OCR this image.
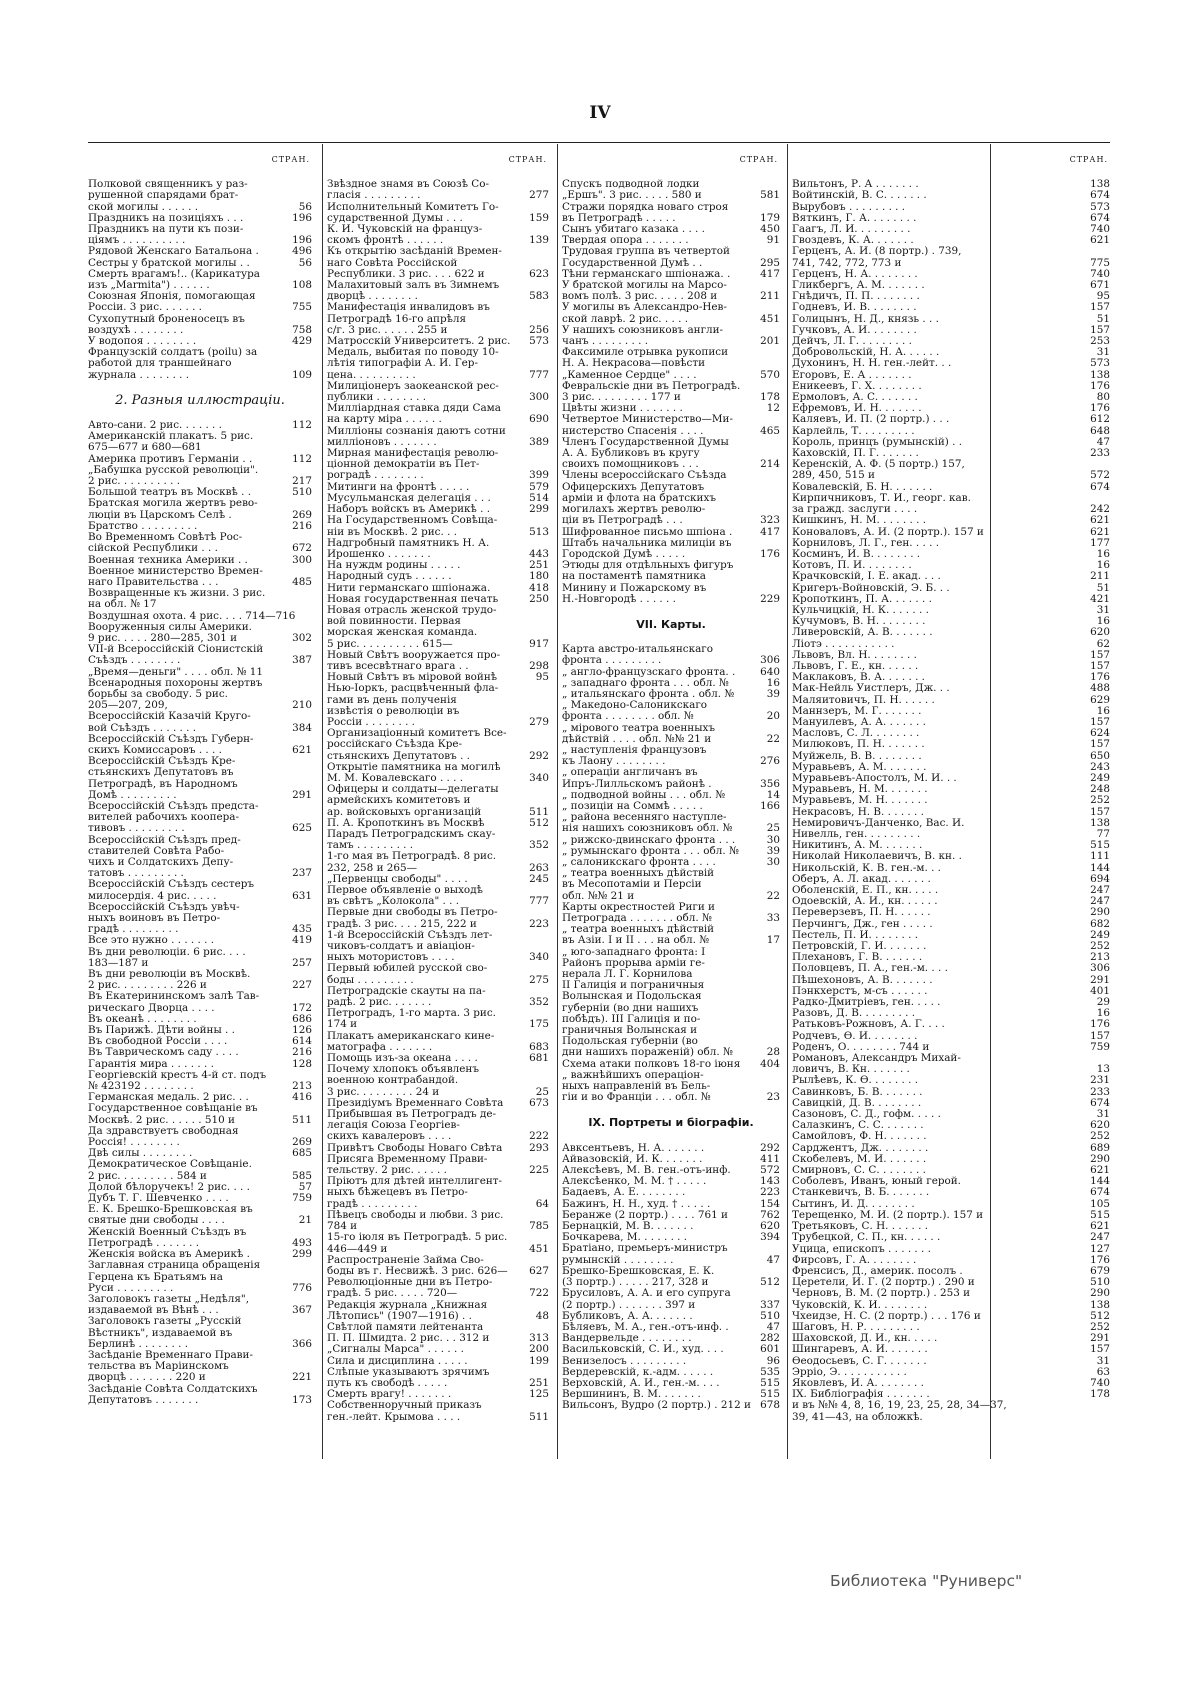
IV
СТРАН.
Полковой священникъ у раз-
рушенной спарядами брат-
ской могилы . . . . . .	56
Праздникъ на позиціяхъ . . .	196
Праздникъ на пути къ пози-
ціямъ . . . . . . . . . .	196
Рядовой Женскаго Батальона .	496
Сестры у братской могилы . .	56
Смерть врагамъ!.. (Карикатура
изъ „Marmita") . . . . . .	108
Союзная Японія, помогающая
Россіи. 3 рис. . . . . . .	755
Сухопутный броненосецъ въ
воздухѣ . . . . . . . .	758
У водопоя . . . . . . . .	429
Французскій солдатъ (poilu) за
работой для траншейнаго
журнала . . . . . . . .	109
2. Разныя иллюстраціи.
Авто-сани. 2 рис. . . . . . .	112
Американскій плакатъ. 5 рис.
675—677 и 680—681
Америка противъ Германіи . .	112
„Бабушка русской революціи".
2 рис. . . . . . . . . .	217
Большой театръ въ Москвѣ . .	510
Братская могила жертвъ рево-
люціи въ Царскомъ Селѣ .	269
Братство . . . . . . . . .	216
Во Временномъ Совѣтѣ Рос-
сійской Республики . . .	672
Военная техника Америки . .	300
Военное министерство Времен-
наго Правительства . . .	485
Возвращенные къ жизни. 3 рис.
на обл. № 17
Воздушная охота. 4 рис. . . . 714—716
Вооруженныя силы Америки.
9 рис. . . . . 280—285, 301 и	302
VII-й Всероссійскій Сіонистскій
Съѣздъ . . . . . . . .	387
„Время—деньги" . . . . обл. № 11
Всенародныя похороны жертвъ
борьбы за свободу. 5 рис.
205—207, 209,	210
Всероссійскій Казачій Круго-
вой Съѣздъ . . . . . . .	384
Всероссійскій Съѣздъ Губерн-
скихъ Комиссаровъ . . . .	621
Всероссійскій Съѣздъ Кре-
стьянскихъ Депутатовъ въ
Петроградѣ, въ Народномъ
Домѣ . . . . . . . . .	291
Всероссійскій Съѣздъ предста-
вителей рабочихъ коопера-
тивовъ . . . . . . . . .	625
Всероссійскій Съѣздъ пред-
ставителей Совѣта Рабо-
чихъ и Солдатскихъ Депу-
татовъ . . . . . . . . .	237
Всероссійскій Съѣздъ сестеръ
милосердія. 4 рис. . . . .	631
Всероссійскій Съѣздъ увѣч-
ныхъ воиновъ въ Петро-
градѣ . . . . . . . . .	435
Все это нужно . . . . . . .	419
Въ дни революціи. 6 рис. . . .
183—187 и	257
Въ дни революціи въ Москвѣ.
2 рис. . . . . . . . . 226 и	227
Въ Екатерининскомъ залѣ Тав-
рическаго Дворца . . . .	172
Въ океанѣ . . . . . . . .	686
Въ Парижѣ. Дѣти войны . .	126
Въ свободной Россіи . . . .	614
Въ Таврическомъ саду . . . .	216
Гарантія мира . . . . . . .	128
Георгіевскій крестъ 4-й ст. подъ
№ 423192 . . . . . . . .	213
Германская медаль. 2 рис. . .	416
Государственное совѣщаніе въ
Москвѣ. 2 рис. . . . . . 510 и	511
Да здравствуетъ свободная
Россія! . . . . . . . .	269
Двѣ силы . . . . . . . .	685
Демократическое Совѣщаніе.
2 рис. . . . . . . . . 584 и	585
Долой бѣлоручекъ! 2 рис. . . .	57
Дубъ Т. Г. Шевченко . . . .	759
Е. К. Брешко-Брешковская въ
святые дни свободы . . . .	21
Женскій Военный Съѣздъ въ
Петроградѣ . . . . . . .	493
Женскія войска въ Америкѣ .	299
Заглавная страница обращенія
Герцена къ Братьямъ на
Руси . . . . . . . . .	776
Заголовокъ газеты „Недѣля",
издаваемой въ Вѣнѣ . . .	367
Заголовокъ газеты „Русскій
Вѣстникъ", издаваемой въ
Берлинѣ . . . . . . . .	366
Засѣданіе Временнаго Прави-
тельства въ Маріинскомъ
дворцѣ . . . . . . . 220 и	221
Засѣданіе Совѣта Солдатскихъ
Депутатовъ . . . . . . .	173
СТРАН.
Звѣздное знамя въ Союзѣ Со-
гласія . . . . . . . . .	277
Исполнительный Комитетъ Го-
сударственной Думы . . .	159
К. И. Чуковскій на француз-
скомъ фронтѣ . . . . . .	139
Къ открытію засѣданій Времен-
наго Совѣта Россійской
Республики. 3 рис. . . . 622 и	623
Малахитовый залъ въ Зимнемъ
дворцѣ . . . . . . . .	583
Манифестація инвалидовъ въ
Петроградѣ 16-го апрѣля
с/г. 3 рис. . . . . . 255 и	256
Матросскій Университетъ. 2 рис.	573
Медаль, выбитая по поводу 10-
лѣтія типографіи А. И. Гер-
цена. . . . . . . . . .	777
Милиціонеръ заокеанской рес-
публики . . . . . . . .	300
Милліардная ставка дяди Сама
на карту міра . . . . . .	690
Милліоны сознанія даютъ сотни
милліоновъ . . . . . . .	389
Мирная манифестація револю-
ціонной демократіи въ Пет-
роградѣ . . . . . . . .	399
Митинги на фронтѣ . . . . .	579
Мусульманская делегація . . .	514
Наборъ войскъ въ Америкѣ . .	299
На Государственномъ Совѣща-
ніи въ Москвѣ. 2 рис. . .	513
Надгробный памятникъ Н. А.
Ирошенко . . . . . . .	443
На нуждм родины . . . . .	251
Народный судъ . . . . . .	180
Нити германскаго шпіонажа.	418
Новая государственная печать	250
Новая отрасль женской трудо-
вой повинности. Первая
морская женская команда.
5 рис. . . . . . . . . . 615—	917
Новый Свѣтъ вооружается про-
тивъ всесвѣтнаго врага . .	298
Новый Свѣтъ въ міровой войнѣ	95
Нью-Іоркъ, расцвѣченный фла-
гами въ день полученія
извѣстія о революціи въ
Россіи . . . . . . . .	279
Организаціонный комитетъ Все-
россійскаго Съѣзда Кре-
стьянскихъ Депутатовъ . .	292
Открытіе памятника на могилѣ
М. М. Ковалевскаго . . . .	340
Офицеры и солдаты—делегаты
армейскихъ комитетовъ и
ар. войсковыхъ организацій	511
П. А. Кропоткинъ въ Москвѣ	512
Парадъ Петроградскимъ скау-
тамъ . . . . . . . . .	352
1-го мая въ Петроградѣ. 8 рис.
232, 258 и 265—	263
„Первенцы свободы" . . . .	245
Первое объявленіе о выходѣ
въ свѣтъ „Колокола" . . .	777
Первые дни свободы въ Петро-
градѣ. 3 рис. . . . 215, 222 и	223
1-й Всероссійскій Съѣздъ лет-
чиковъ-солдатъ и авіаціон-
ныхъ мотористовъ . . . .	340
Первый юбилей русской сво-
боды . . . . . . . . .	275
Петроградскіе скауты на па-
радѣ. 2 рис. . . . . . .	352
Петроградъ, 1-го марта. 3 рис.
174 и	175
Плакатъ американскаго кине-
матографа . . . . . . .	683
Помощь изъ-за океана . . . .	681
Почему хлопокъ объявленъ
военною контрабандой.
3 рис. . . . . . . . . 24 и	25
Президіумъ Временнаго Совѣта	673
Прибывшая въ Петроградъ де-
легація Союза Георгіев-
скихъ кавалеровъ . . . .	222
Привѣтъ Свободы Новаго Свѣта	293
Присяга Временному Прави-
тельству. 2 рис. . . . . .	225
Пріютъ для дѣтей интеллигент-
ныхъ бѣжецевъ въ Петро-
градѣ . . . . . . . . .	64
Пѣвецъ свободы и любви. 3 рис.
784 и	785
15-го іюля въ Петроградѣ. 5 рис.
446—449 и	451
Распространеніе Займа Сво-
боды въ г. Несвижѣ. 3 рис. 626—	627
Революціонные дни въ Петро-
градѣ. 5 рис. . . . . 720—	722
Редакція журнала „Книжная
Лѣтопись" (1907—1916) . .	48
Свѣтлой памяти лейтенанта
П. П. Шмидта. 2 рис. . . 312 и	313
„Сигналы Марса" . . . . . .	200
Сила и дисциплина . . . . .	199
Слѣпые указываютъ зрячимъ
путь къ свободѣ . . . . .	251
Смерть врагу! . . . . . . .	125
Собственноручный приказъ
ген.-лейт. Крымова . . . .	511
СТРАН.
Спускъ подводной лодки
„Ершъ". 3 рис. . . . . 580 и	581
Стражи порядка новаго строя
въ Петроградѣ . . . . .	179
Сынъ убитаго казака . . . .	450
Твердая опора . . . . . . .	91
Трудовая группа въ четвертой
Государственной Думѣ . .	295
Тѣни германскаго шпіонажа. .	417
У братской могилы на Марсо-
вомъ полѣ. 3 рис. . . . . 208 и	211
У могилы въ Александро-Нев-
ской лаврѣ. 2 рис. . . . .	451
У нашихъ союзниковъ англи-
чанъ . . . . . . . . .	201
Факсимиле отрывка рукописи
Н. А. Некрасова—повѣсти
„Каменное Сердце" . . . .	570
Февральскіе дни въ Петроградѣ.
3 рис. . . . . . . . . 177 и	178
Цвѣты жизни . . . . . . .	12
Четвертое Министерство—Ми-
нистерство Спасенія . . . .	465
Членъ Государственной Думы
А. А. Бубликовъ въ кругу
своихъ помощниковъ . . .	214
Члены всероссійскаго Съѣзда
Офицерскихъ Депутатовъ
арміи и флота на братскихъ
могилахъ жертвъ револю-
ціи въ Петроградѣ . . .	323
Шифрованное письмо шпіона .	417
Штабъ начальника милиціи въ
Городской Думѣ . . . . .	176
Этюды для отдѣльныхъ фигуръ
на постаментѣ памятника
Минину и Пожарскому въ
Н.-Новгородѣ . . . . . .	229
VII. Карты.
Карта австро-итальянскаго
фронта . . . . . . . . .	306
„ англо-французскаго фронта. .	640
„ западнаго фронта . . . обл. №	16
„ итальянскаго фронта . обл. №	39
„ Македоно-Салоникскаго
фронта . . . . . . . . обл. №	20
„ мірового театра военныхъ
дѣйствій . . . . обл. №№ 21 и	22
„ наступленія французовъ
къ Лаону . . . . . . . .	276
„ операціи англичанъ въ
Ипръ-Лилльскомъ районѣ .	356
„ подводной войны . . . обл. №	14
„ позиціи на Соммѣ . . . . .	166
„ района весенняго наступле-
нія нашихъ союзниковъ обл. №	25
„ рижско-двинскаго фронта . . .	30
„ румынскаго фронта . . . обл. №	39
„ салоникскаго фронта . . . .	30
„ театра военныхъ дѣйствій
въ Месопотаміи и Персіи
обл. №№ 21 и	22
Карты окрестностей Риги и
Петрограда . . . . . . . обл. №	33
„ театра военныхъ дѣйствій
въ Азіи. I и II . . . на обл. №	17
„ юго-западнаго фронта: I
Районъ прорыва арміи ге-
нерала Л. Г. Корнилова
II Галиція и пограничныя
Волынская и Подольская
губерніи (во дни нашихъ
побѣдъ). III Галиція и по-
граничныя Волынская и
Подольская губерніи (во
дни нашихъ пораженій) обл. №	28
Схема атаки полковъ 18-го іюня	404
„ важнѣйшихъ операціон-
ныхъ направленій въ Бель-
гіи и во Франціи . . . обл. №	23
IX. Портреты и біографіи.
Авксентьевъ, Н. А. . . . . . .	292
Айвазовскій, И. К. . . . . . .	411
Алексѣевъ, М. В. ген.-отъ-инф.	572
Алексѣенко, М. М. † . . . . .	143
Бадаевъ, А. Е. . . . . . . .	223
Бажинъ, Н. Н., худ. † . . . . .	154
Беранже (2 портр.) . . . . 761 и	762
Бернацкій, М. В. . . . . . .	620
Бочкарева, М. . . . . . . .	394
Братіано, премьеръ-министръ
румынскій . . . . . . . .	47
Брешко-Брешковская, Е. К.
(3 портр.) . . . . . 217, 328 и	512
Брусиловъ, А. А. и его супруга
(2 портр.) . . . . . . . 397 и	337
Бубликовъ, А. А. . . . . . .	510
Бѣляевъ, М. А., ген.-отъ-инф. .	47
Вандервельде . . . . . . . .	282
Васильковскій, С. И., худ. . . .	601
Венизелосъ . . . . . . . . .	96
Вердеревскій, к.-адм. . . . . .	535
Верховскій, А. И., ген.-м. . . .	515
Вершининъ, В. М. . . . . . .	515
Вильсонъ, Вудро (2 портр.) . 212 и 678
СТРАН.
Вильтонъ, Р. А . . . . . . .	138
Войтинскій, В. С. . . . . . .	674
Вырубовъ . . . . . . . . .	573
Вяткинъ, Г. А. . . . . . . .	674
Гаагъ, Л. И. . . . . . . . .	740
Гвоздевъ, К. А. . . . . . .	621
Герценъ, А. И. (8 портр.) . 739,
741, 742, 772, 773 и	775
Герценъ, Н. А. . . . . . . .	740
Гликбергъ, А. М. . . . . . .	671
Гнѣдичъ, П. П. . . . . . . .	95
Годневъ, И. В. . . . . . . .	157
Голицынъ, Н. Д., князь . . .	51
Гучковъ, А. И. . . . . . . .	157
Дейчъ, Л. Г. . . . . . . . .	253
Добровольскій, Н. А. . . . . .	31
Духонинъ, Н. Н. ген.-лейт. . .	573
Егоровъ, Е. А . . . . . . .	138
Еникеевъ, Г. Х. . . . . . . .	176
Ермоловъ, А. С. . . . . . .	80
Ефремовъ, И. Н. . . . . . .	176
Каляевъ, И. П. (2 портр.) . . .	612
Карлейль, Т. . . . . . . . .	648
Король, принцъ (румынскій) . .	47
Каховскій, П. Г. . . . . . .	233
Керенскій, А. Ф. (5 портр.) 157,
289, 450, 515 и	572
Ковалевскій, Б. Н. . . . . . .	674
Кирпичниковъ, Т. И., георг. кав.
за гражд. заслуги . . . .	242
Кишкинъ, Н. М. . . . . . . .	621
Коноваловъ, А. И. (2 портр.). 157 и	621
Корниловъ, Л. Г., ген. . . . .	177
Косминъ, И. В. . . . . . . .	16
Котовъ, П. И. . . . . . . .	16
Крачковскій, І. Е. акад. . . .	211
Кригеръ-Войновскій, Э. Б. . .	51
Кропоткинъ, П. А. . . . . . .	421
Кульчицкій, Н. К. . . . . . .	31
Кучумовъ, В. Н. . . . . . . .	16
Ливеровскій, А. В. . . . . . .	620
Ліотэ . . . . . . . . . . .	62
Львовъ, Вл. Н. . . . . . . .	157
Львовъ, Г. Е., кн. . . . . .	157
Маклаковъ, В. А. . . . . . .	176
Мак-Нейль Уистлеръ, Дж. . .	488
Маляитовичъ, П. Н. . . . . .	629
Маннзеръ, М. Г. . . . . . .	16
Мануилевъ, А. А. . . . . . .	157
Масловъ, С. Л. . . . . . . .	624
Милюковъ, П. Н. . . . . . .	157
Муйжель, В. В. . . . . . . .	650
Муравьевъ, А. М. . . . . . .	243
Муравьевъ-Апостолъ, М. И. . .	249
Муравьевъ, Н. М. . . . . . .	248
Муравьевъ, М. Н. . . . . . .	252
Некрасовъ, Н. В. . . . . . .	157
Немировичъ-Данченко, Вас. И.	138
Нивелль, ген. . . . . . . . .	77
Никитинъ, А. М. . . . . . .	515
Николай Николаевичъ, В. кн. .	111
Никольскій, К. В. ген.-м. . .	144
Оберъ, А. Л. акад. . . . . . .	694
Оболенскій, Е. П., кн. . . . .	247
Одоевскій, А. И., кн. . . . . .	247
Переверзевъ, П. Н. . . . . .	290
Перчингъ, Дж., ген . . . . .	682
Пестель, П. И. . . . . . . .	249
Петровскій, Г. И. . . . . . .	252
Плехановъ, Г. В. . . . . . .	213
Половцевъ, П. А., ген.-м. . . .	306
Пѣшехоновъ, А. В. . . . . . .	291
Пэнкхерстъ, м-съ . . . . . .	401
Радко-Дмитріевъ, ген. . . . .	29
Разовъ, Д. В. . . . . . . . .	16
Ратьковъ-Рожновъ, А. Г. . . .	176
Родчевъ, Ѳ. И. . . . . . . .	157
Роденъ, О. . . . . . . . 744 и	759
Романовъ, Александръ Михай-
ловичъ, В. Кн. . . . . . .	13
Рылѣевъ, К. Ѳ. . . . . . . .	231
Савинковъ, Б. В. . . . . . .	233
Савицкій, Д. В. . . . . . . .	674
Сазоновъ, С. Д., гофм. . . . .	31
Салазкинъ, С. С. . . . . . .	620
Самойловъ, Ф. Н. . . . . . .	252
Сарджентъ, Дж. . . . . . . .	689
Скобелевъ, М. И. . . . . . .	290
Смирновъ, С. С. . . . . . . .	621
Соболевъ, Иванъ, юный герой.	144
Станкевичъ, В. Б. . . . . . .	674
Сытинъ, И. Д. . . . . . . .	105
Терещенко, М. И. (2 портр.). 157 и	515
Третьяковъ, С. Н. . . . . . .	621
Трубецкой, С. П., кн. . . . . .	247
Уцица, епископъ . . . . . . .	127
Фирсовъ, Г. А. . . . . . . .	176
Френсисъ, Д., америк. посолъ .	679
Церетели, И. Г. (2 портр.) . 290 и	510
Черновъ, В. М. (2 портр.) . 253 и	290
Чуковскій, К. И. . . . . . . .	138
Чхеидзе, Н. С. (2 портр.) . . . 176 и	512
Шаговъ, Н. Р. . . . . . . . .	252
Шаховской, Д. И., кн. . . . .	291
Шингаревъ, А. И. . . . . . .	157
Ѳеодосьевъ, С. Г. . . . . . .	31
Эрріо, Э. . . . . . . . . . .	63
Яковлевъ, И. А. . . . . . . .	740
IX. Библіографія . . . . . . .	178
и въ №№ 4, 8, 16, 19, 23, 25, 28, 34—37,
39, 41—43, на обложкѣ.
Библиотека "Руниверс"
